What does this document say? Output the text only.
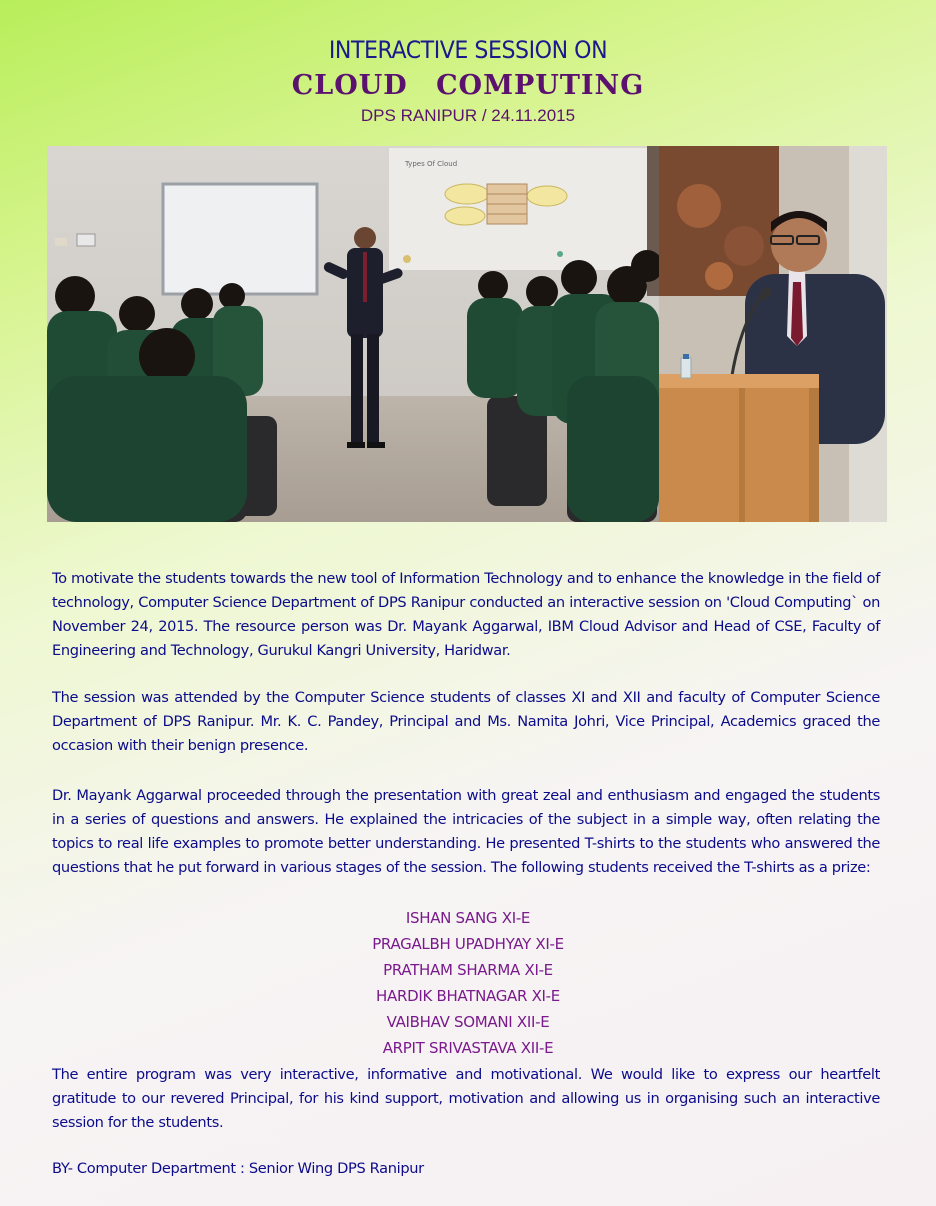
INTERACTIVE SESSION ON
CLOUD COMPUTING
DPS RANIPUR / 24.11.2015
Types Of Cloud
To motivate the students towards the new tool of Information Technology and to enhance the knowledge in the field of technology, Computer Science Department of DPS Ranipur conducted an interactive session on 'Cloud Computing` on November 24, 2015. The resource person was Dr. Mayank Aggarwal, IBM Cloud Advisor and Head of CSE, Faculty of Engineering and Technology, Gurukul Kangri University, Haridwar.
The session was attended by the Computer Science students of classes XI and XII and faculty of Computer Science Department of DPS Ranipur. Mr. K. C. Pandey, Principal and Ms. Namita Johri, Vice Principal, Academics graced the occasion with their benign presence.
Dr. Mayank Aggarwal proceeded through the presentation with great zeal and enthusiasm and engaged the students in a series of questions and answers. He explained the intricacies of the subject in a simple way, often relating the topics to real life examples to promote better understanding. He presented T-shirts to the students who answered the questions that he put forward in various stages of the session. The following students received the T-shirts as a prize:
ISHAN SANG XI-E
PRAGALBH UPADHYAY XI-E
PRATHAM SHARMA XI-E
HARDIK BHATNAGAR XI-E
VAIBHAV SOMANI XII-E
ARPIT SRIVASTAVA XII-E
The entire program was very interactive, informative and motivational. We would like to express our heartfelt gratitude to our revered Principal, for his kind support, motivation and allowing us in organising such an interactive session for the students.
BY- Computer Department : Senior Wing DPS Ranipur
